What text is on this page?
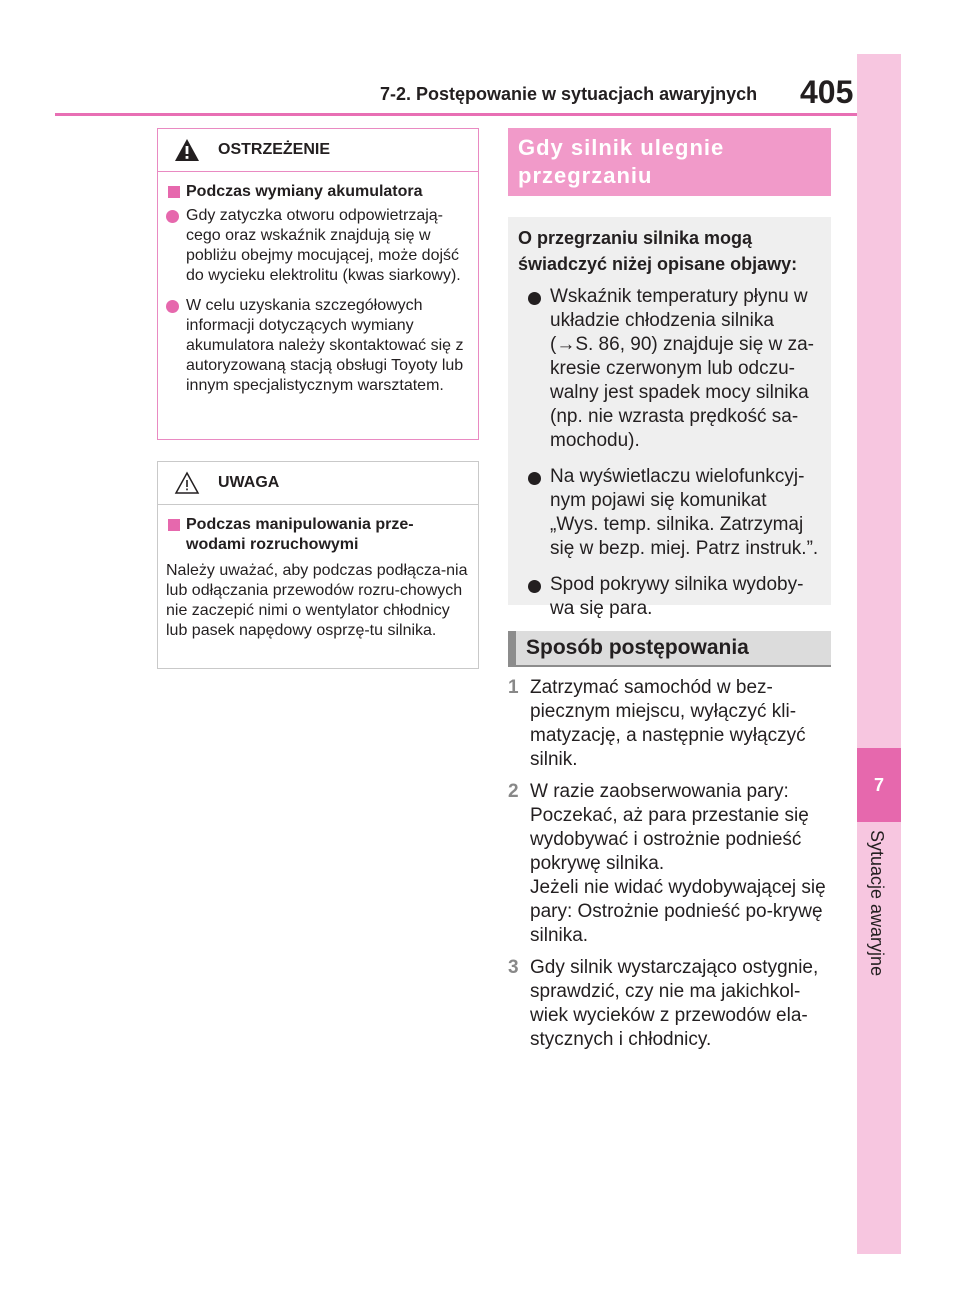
7-2. Postępowanie w sytuacjach awaryjnych 405
7
Sytuacje awaryjne
OSTRZEŻENIE
Podczas wymiany akumulatora
Gdy zatyczka otworu odpowietrzają-cego oraz wskaźnik znajdują się w pobliżu obejmy mocującej, może dojść do wycieku elektrolitu (kwas siarkowy).
W celu uzyskania szczegółowych informacji dotyczących wymiany akumulatora należy skontaktować się z autoryzowaną stacją obsługi Toyoty lub innym specjalistycznym warsztatem.
UWAGA
Podczas manipulowania prze-wodami rozruchowymi
Należy uważać, aby podczas podłącza-nia lub odłączania przewodów rozru-chowych nie zaczepić nimi o wentylator chłodnicy lub pasek napędowy osprzę-tu silnika.
Gdy silnik ulegnie przegrzaniu
O przegrzaniu silnika mogą świadczyć niżej opisane objawy:
Wskaźnik temperatury płynu w układzie chłodzenia silnika (→S. 86, 90) znajduje się w za-kresie czerwonym lub odczu-walny jest spadek mocy silnika (np. nie wzrasta prędkość sa-mochodu).
Na wyświetlaczu wielofunkcyj-nym pojawi się komunikat „Wys. temp. silnika. Zatrzymaj się w bezp. miej. Patrz instruk.”.
Spod pokrywy silnika wydoby-wa się para.
Sposób postępowania
1 Zatrzymać samochód w bez-piecznym miejscu, wyłączyć kli-matyzację, a następnie wyłączyć silnik.
2 W razie zaobserwowania pary: Poczekać, aż para przestanie się wydobywać i ostrożnie podnieść pokrywę silnika.
Jeżeli nie widać wydobywającej się pary: Ostrożnie podnieść po-krywę silnika.
3 Gdy silnik wystarczająco ostygnie, sprawdzić, czy nie ma jakichkol-wiek wycieków z przewodów ela-stycznych i chłodnicy.
